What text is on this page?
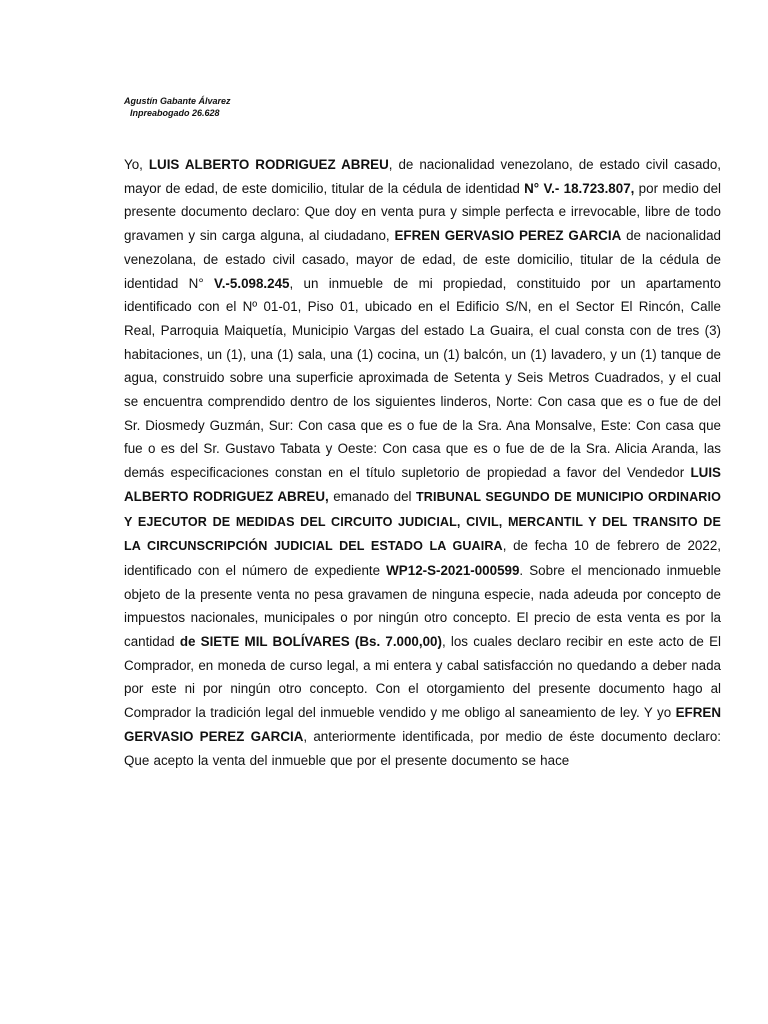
Agustín Gabante Álvarez
Inpreabogado 26.628
Yo, LUIS ALBERTO RODRIGUEZ ABREU, de nacionalidad venezolano, de estado civil casado, mayor de edad, de este domicilio, titular de la cédula de identidad N° V.- 18.723.807, por medio del presente documento declaro: Que doy en venta pura y simple perfecta e irrevocable, libre de todo gravamen y sin carga alguna, al ciudadano, EFREN GERVASIO PEREZ GARCIA de nacionalidad venezolana, de estado civil casado, mayor de edad, de este domicilio, titular de la cédula de identidad N° V.-5.098.245, un inmueble de mi propiedad, constituido por un apartamento identificado con el Nº 01-01, Piso 01, ubicado en el Edificio S/N, en el Sector El Rincón, Calle Real, Parroquia Maiquetía, Municipio Vargas del estado La Guaira, el cual consta con de tres (3) habitaciones, un (1), una (1) sala, una (1) cocina, un (1) balcón, un (1) lavadero, y un (1) tanque de agua, construido sobre una superficie aproximada de Setenta y Seis Metros Cuadrados, y el cual se encuentra comprendido dentro de los siguientes linderos, Norte: Con casa que es o fue de del Sr. Diosmedy Guzmán, Sur: Con casa que es o fue de la Sra. Ana Monsalve, Este: Con casa que fue o es del Sr. Gustavo Tabata y Oeste: Con casa que es o fue de de la Sra. Alicia Aranda, las demás especificaciones constan en el título supletorio de propiedad a favor del Vendedor LUIS ALBERTO RODRIGUEZ ABREU, emanado del TRIBUNAL SEGUNDO DE MUNICIPIO ORDINARIO Y EJECUTOR DE MEDIDAS DEL CIRCUITO JUDICIAL, CIVIL, MERCANTIL Y DEL TRANSITO DE LA CIRCUNSCRIPCIÓN JUDICIAL DEL ESTADO LA GUAIRA, de fecha 10 de febrero de 2022, identificado con el número de expediente WP12-S-2021-000599. Sobre el mencionado inmueble objeto de la presente venta no pesa gravamen de ninguna especie, nada adeuda por concepto de impuestos nacionales, municipales o por ningún otro concepto. El precio de esta venta es por la cantidad de SIETE MIL BOLÍVARES (Bs. 7.000,00), los cuales declaro recibir en este acto de El Comprador, en moneda de curso legal, a mi entera y cabal satisfacción no quedando a deber nada por este ni por ningún otro concepto. Con el otorgamiento del presente documento hago al Comprador la tradición legal del inmueble vendido y me obligo al saneamiento de ley. Y yo EFREN GERVASIO PEREZ GARCIA, anteriormente identificada, por medio de éste documento declaro: Que acepto la venta del inmueble que por el presente documento se hace
